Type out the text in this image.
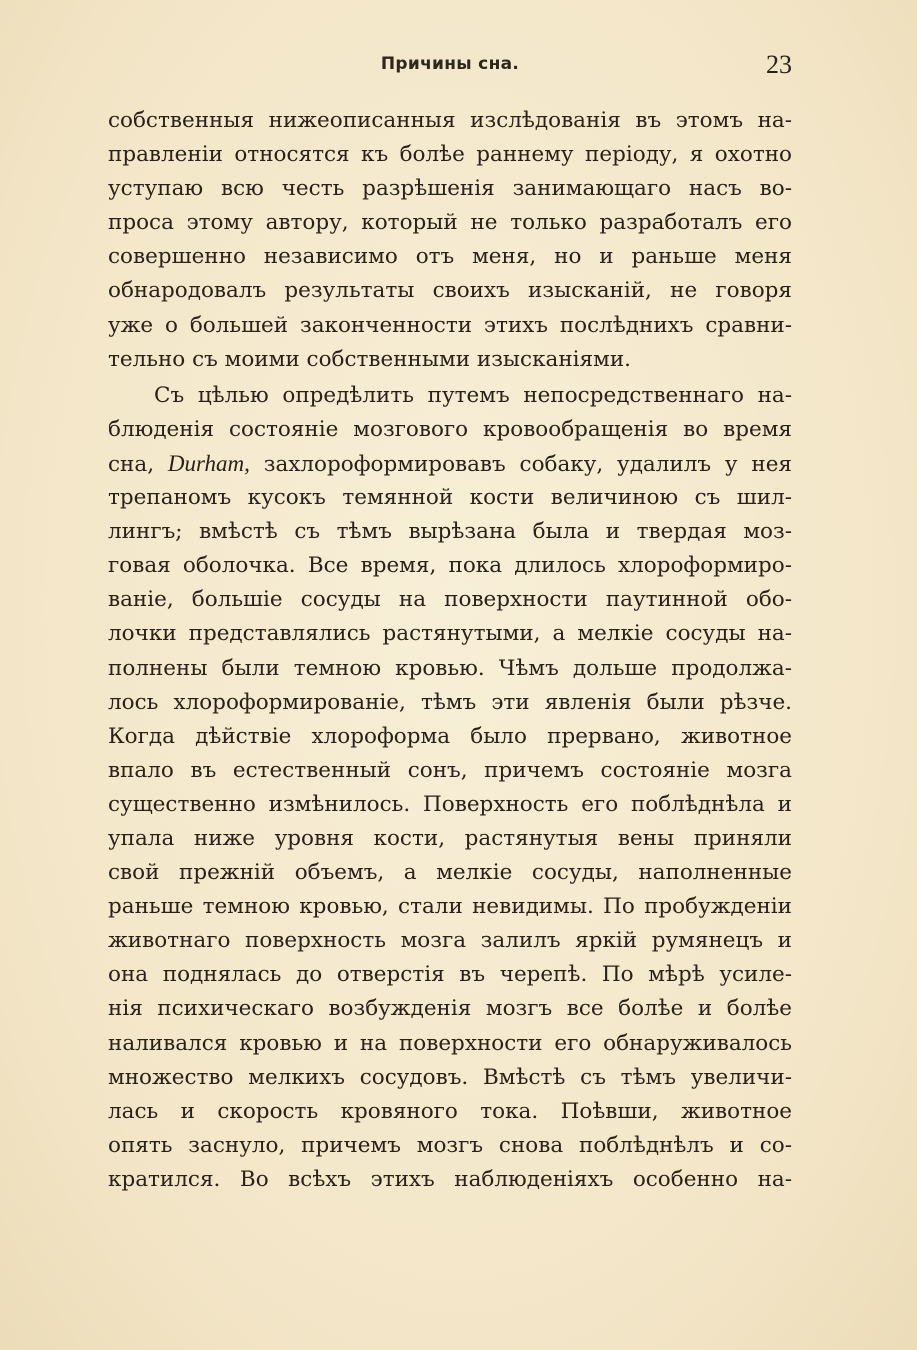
Причины сна.	23
собственныя нижеописанныя изслѣдованія въ этомъ на-
правленіи относятся къ болѣе раннему періоду, я охотно
уступаю всю честь разрѣшенія занимающаго насъ во-
проса этому автору, который не только разработалъ его
совершенно независимо отъ меня, но и раньше меня
обнародовалъ результаты своихъ изысканій, не говоря
уже о большей законченности этихъ послѣднихъ сравни-
тельно съ моими собственными изысканіями.
Съ цѣлью опредѣлить путемъ непосредственнаго на-
блюденія состояніе мозгового кровообращенія во время
сна, Durham, захлороформировавъ собаку, удалилъ у нея
трепаномъ кусокъ темянной кости величиною съ шил-
лингъ; вмѣстѣ съ тѣмъ вырѣзана была и твердая моз-
говая оболочка. Все время, пока длилось хлороформиро-
ваніе, большіе сосуды на поверхности паутинной обо-
лочки представлялись растянутыми, а мелкіе сосуды на-
полнены были темною кровью. Чѣмъ дольше продолжа-
лось хлороформированіе, тѣмъ эти явленія были рѣзче.
Когда дѣйствіе хлороформа было прервано, животное
впало въ естественный сонъ, причемъ состояніе мозга
существенно измѣнилось. Поверхность его поблѣднѣла и
упала ниже уровня кости, растянутыя вены приняли
свой прежній объемъ, а мелкіе сосуды, наполненные
раньше темною кровью, стали невидимы. По пробужденіи
животнаго поверхность мозга залилъ яркій румянецъ и
она поднялась до отверстія въ черепѣ. По мѣрѣ усиле-
нія психическаго возбужденія мозгъ все болѣе и болѣе
наливался кровью и на поверхности его обнаруживалось
множество мелкихъ сосудовъ. Вмѣстѣ съ тѣмъ увеличи-
лась и скорость кровяного тока. Поѣвши, животное
опять заснуло, причемъ мозгъ снова поблѣднѣлъ и со-
кратился. Во всѣхъ этихъ наблюденіяхъ особенно на-
